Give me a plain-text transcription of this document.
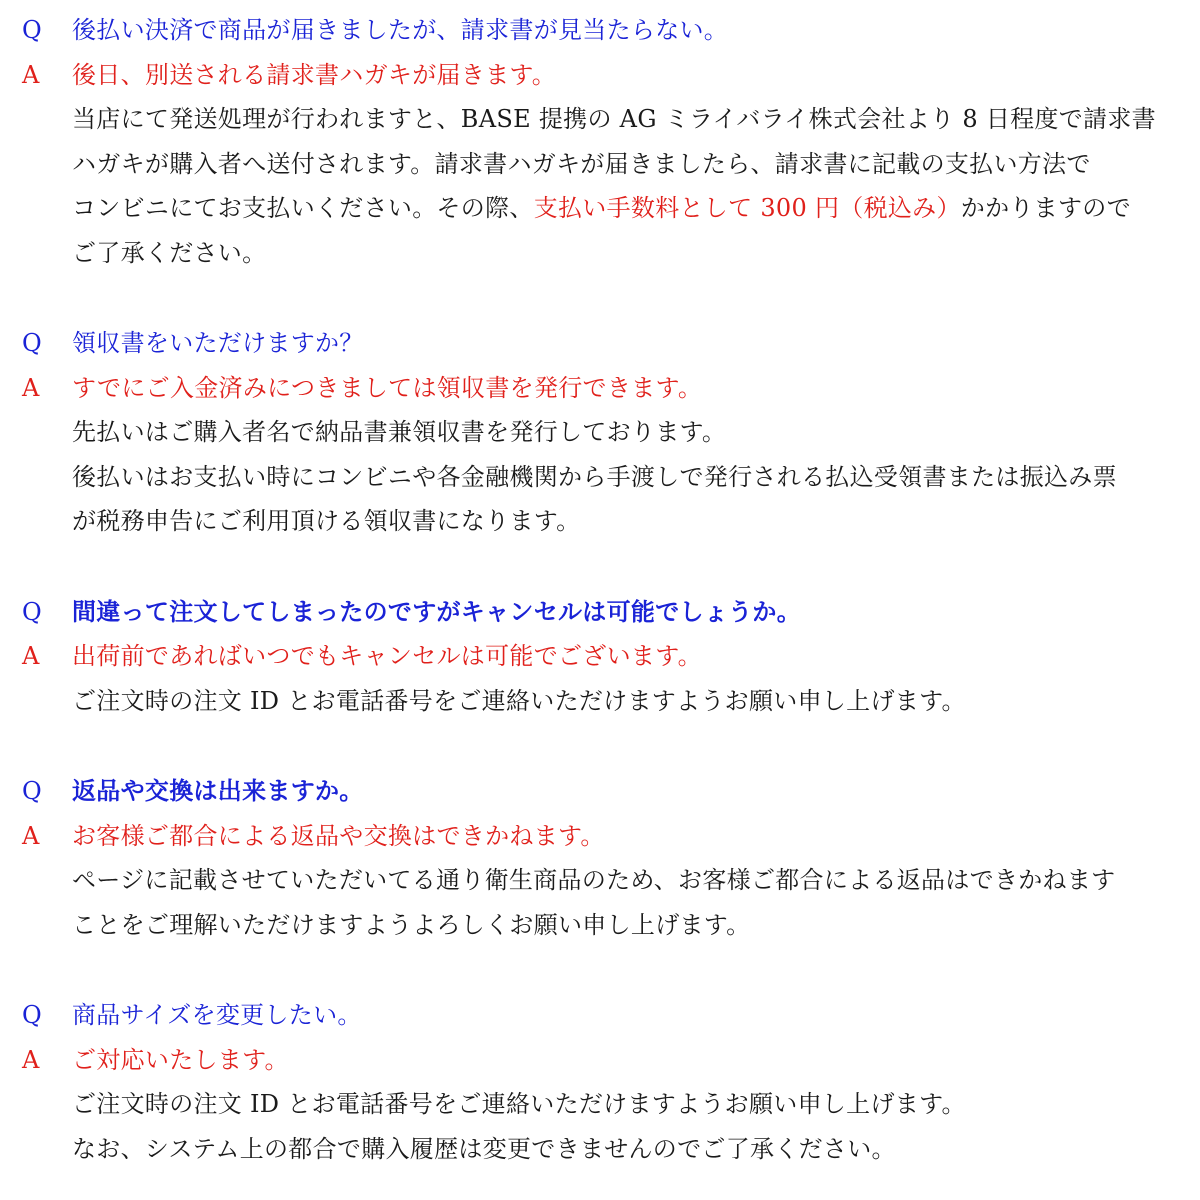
Q	後払い決済で商品が届きましたが、請求書が見当たらない。
A	後日、別送される請求書ハガキが届きます。
当店にて発送処理が行われますと、BASE 提携の AG ミライバライ株式会社より 8 日程度で請求書
ハガキが購入者へ送付されます。請求書ハガキが届きましたら、請求書に記載の支払い方法で
コンビニにてお支払いください。その際、支払い手数料として 300 円（税込み）かかりますので
ご了承ください。
Q	領収書をいただけますか？
A	すでにご入金済みにつきましては領収書を発行できます。
先払いはご購入者名で納品書兼領収書を発行しております。
後払いはお支払い時にコンビニや各金融機関から手渡しで発行される払込受領書または振込み票
が税務申告にご利用頂ける領収書になります。
Q	間違って注文してしまったのですがキャンセルは可能でしょうか。
A	出荷前であればいつでもキャンセルは可能でございます。
ご注文時の注文 ID とお電話番号をご連絡いただけますようお願い申し上げます。
Q	返品や交換は出来ますか。
A	お客様ご都合による返品や交換はできかねます。
ページに記載させていただいてる通り衛生商品のため、お客様ご都合による返品はできかねます
ことをご理解いただけますようよろしくお願い申し上げます。
Q	商品サイズを変更したい。
A	ご対応いたします。
ご注文時の注文 ID とお電話番号をご連絡いただけますようお願い申し上げます。
なお、システム上の都合で購入履歴は変更できませんのでご了承ください。
